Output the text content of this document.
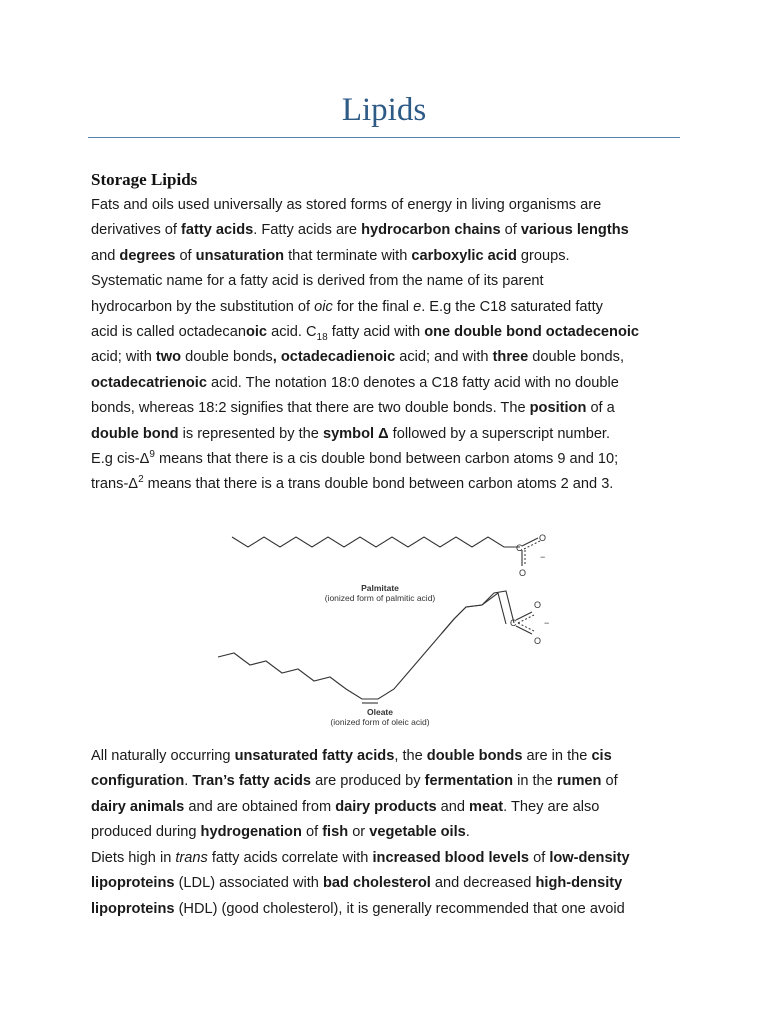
Lipids
Storage Lipids

Fats and oils used universally as stored forms of energy in living organisms are
derivatives of fatty acids. Fatty acids are hydrocarbon chains of various lengths
and degrees of unsaturation that terminate with carboxylic acid groups.
Systematic name for a fatty acid is derived from the name of its parent
hydrocarbon by the substitution of oic for the final e. E.g the C18 saturated fatty
acid is called octadecanoic acid. $C_{18}$ fatty acid with one double bond octadecenoic
acid; with two double bonds, octadecadienoic acid; and with three double bonds,
octadecatrienoic acid. The notation 18:0 denotes a C18 fatty acid with no double
bonds, whereas 18:2 signifies that there are two double bonds. The position of a
double bond is represented by the symbol Δ followed by a superscript number.
E.g cis-$\Delta^9$ means that there is a cis double bond between carbon atoms 9 and 10;
trans-$\Delta^2$ means that there is a trans double bond between carbon atoms 2 and 3.

C
O
O
−
Palmitate
(ionized form of palmitic acid)
C
O
O
−
Oleate
(ionized form of oleic acid)

All naturally occurring unsaturated fatty acids, the double bonds are in the cis
configuration. Tran’s fatty acids are produced by fermentation in the rumen of
dairy animals and are obtained from dairy products and meat. They are also
produced during hydrogenation of fish or vegetable oils.

Diets high in trans fatty acids correlate with increased blood levels of low-density
lipoproteins (LDL) associated with bad cholesterol and decreased high-density
lipoproteins (HDL) (good cholesterol), it is generally recommended that one avoid
